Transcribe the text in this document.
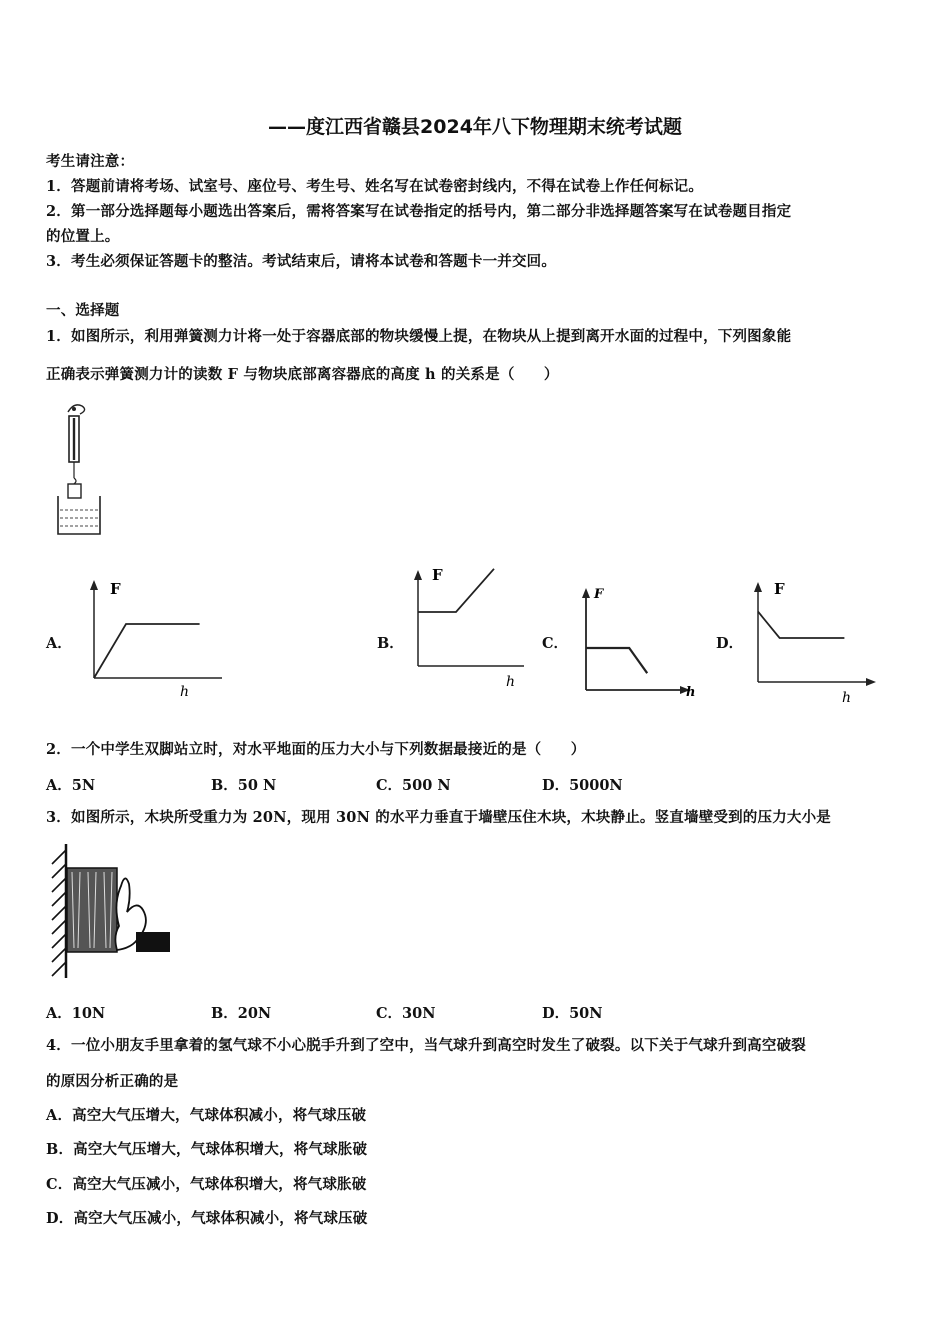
——度江西省赣县2024年八下物理期末统考试题
考生请注意：
1．答题前请将考场、试室号、座位号、考生号、姓名写在试卷密封线内，不得在试卷上作任何标记。
2．第一部分选择题每小题选出答案后，需将答案写在试卷指定的括号内，第二部分非选择题答案写在试卷题目指定
的位置上。
3．考生必须保证答题卡的整洁。考试结束后，请将本试卷和答题卡一并交回。
一、选择题
1．如图所示，利用弹簧测力计将一处于容器底部的物块缓慢上提，在物块从上提到离开水面的过程中，下列图象能
正确表示弹簧测力计的读数 F 与物块底部离容器底的高度 h 的关系是（　　）
A．	B．	C．	D．
F
h
F
h
F
h
F
h
2．一个中学生双脚站立时，对水平地面的压力大小与下列数据最接近的是（　　）
A．5N	B．50 N	C．500 N	D．5000N
3．如图所示，木块所受重力为 20N，现用 30N 的水平力垂直于墙壁压住木块，木块静止。竖直墙壁受到的压力大小是
A．10N	B．20N	C．30N	D．50N
4．一位小朋友手里拿着的氢气球不小心脱手升到了空中，当气球升到高空时发生了破裂。以下关于气球升到高空破裂
的原因分析正确的是
A．高空大气压增大，气球体积减小，将气球压破
B．高空大气压增大，气球体积增大，将气球胀破
C．高空大气压减小，气球体积增大，将气球胀破
D．高空大气压减小，气球体积减小，将气球压破
